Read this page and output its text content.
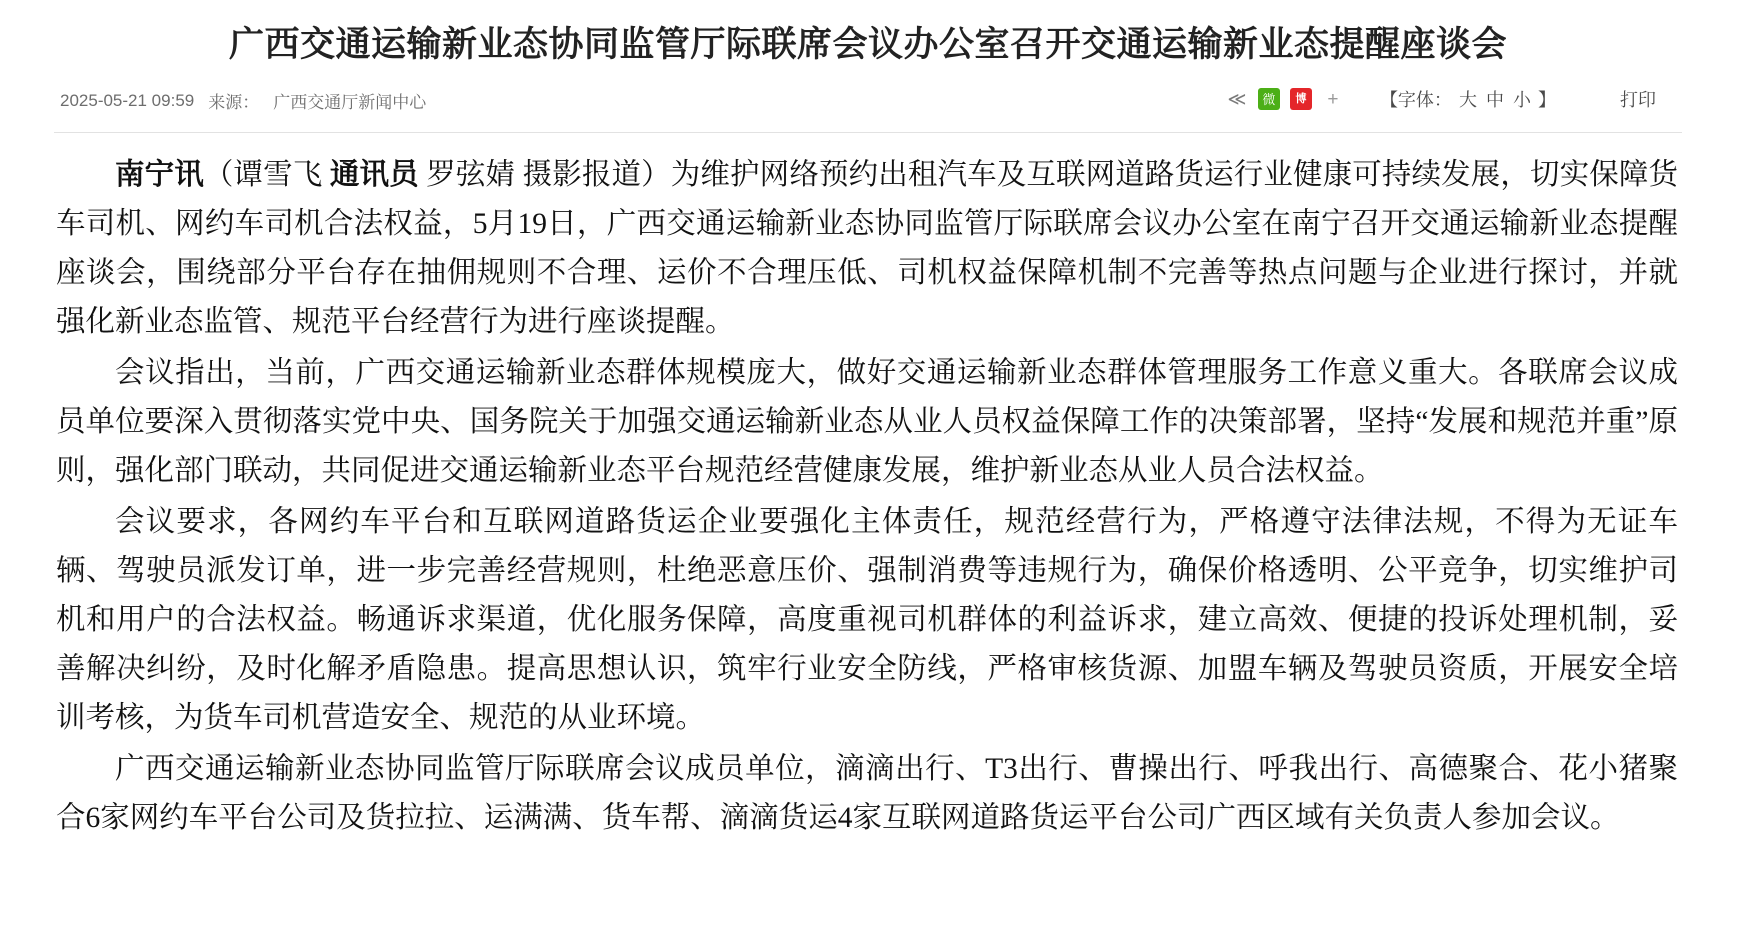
广西交通运输新业态协同监管厅际联席会议办公室召开交通运输新业态提醒座谈会
2025-05-21 09:59 来源： 广西交通厅新闻中心	≪	微	博 +	【字体： 大 中 小 】	打印

南宁讯（谭雪飞 通讯员 罗弦婧 摄影报道）为维护网络预约出租汽车及互联网道路货运行业健康可持续发展，切实保障货车司机、网约车司机合法权益，5月19日，广西交通运输新业态协同监管厅际联席会议办公室在南宁召开交通运输新业态提醒座谈会，围绕部分平台存在抽佣规则不合理、运价不合理压低、司机权益保障机制不完善等热点问题与企业进行探讨，并就强化新业态监管、规范平台经营行为进行座谈提醒。

会议指出，当前，广西交通运输新业态群体规模庞大，做好交通运输新业态群体管理服务工作意义重大。各联席会议成员单位要深入贯彻落实党中央、国务院关于加强交通运输新业态从业人员权益保障工作的决策部署，坚持“发展和规范并重”原则，强化部门联动，共同促进交通运输新业态平台规范经营健康发展，维护新业态从业人员合法权益。

会议要求，各网约车平台和互联网道路货运企业要强化主体责任，规范经营行为，严格遵守法律法规，不得为无证车辆、驾驶员派发订单，进一步完善经营规则，杜绝恶意压价、强制消费等违规行为，确保价格透明、公平竞争，切实维护司机和用户的合法权益。畅通诉求渠道，优化服务保障，高度重视司机群体的利益诉求，建立高效、便捷的投诉处理机制，妥善解决纠纷，及时化解矛盾隐患。提高思想认识，筑牢行业安全防线，严格审核货源、加盟车辆及驾驶员资质，开展安全培训考核，为货车司机营造安全、规范的从业环境。

广西交通运输新业态协同监管厅际联席会议成员单位，滴滴出行、T3出行、曹操出行、呼我出行、高德聚合、花小猪聚合6家网约车平台公司及货拉拉、运满满、货车帮、滴滴货运4家互联网道路货运平台公司广西区域有关负责人参加会议。
